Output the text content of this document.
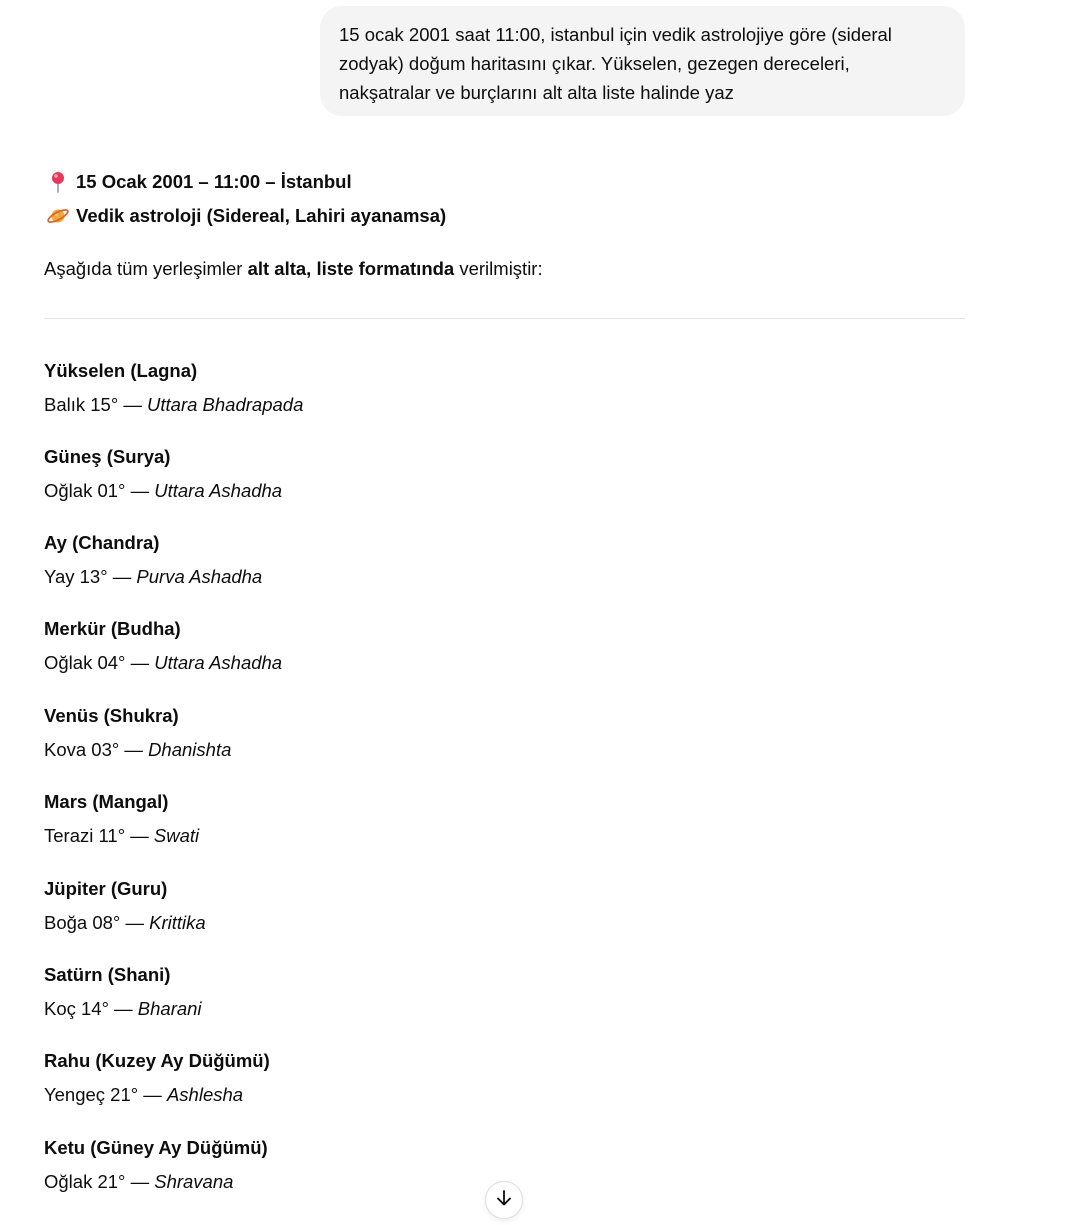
15 ocak 2001 saat 11:00, istanbul için vedik astrolojiye göre (sideral zodyak) doğum haritasını çıkar. Yükselen, gezegen dereceleri, nakşatralar ve burçlarını alt alta liste halinde yaz
15 Ocak 2001 – 11:00 – İstanbul
Vedik astroloji (Sidereal, Lahiri ayanamsa)
Aşağıda tüm yerleşimler alt alta, liste formatında verilmiştir:
Yükselen (Lagna)
Balık 15° — Uttara Bhadrapada
Güneş (Surya)
Oğlak 01° — Uttara Ashadha
Ay (Chandra)
Yay 13° — Purva Ashadha
Merkür (Budha)
Oğlak 04° — Uttara Ashadha
Venüs (Shukra)
Kova 03° — Dhanishta
Mars (Mangal)
Terazi 11° — Swati
Jüpiter (Guru)
Boğa 08° — Krittika
Satürn (Shani)
Koç 14° — Bharani
Rahu (Kuzey Ay Düğümü)
Yengeç 21° — Ashlesha
Ketu (Güney Ay Düğümü)
Oğlak 21° — Shravana
